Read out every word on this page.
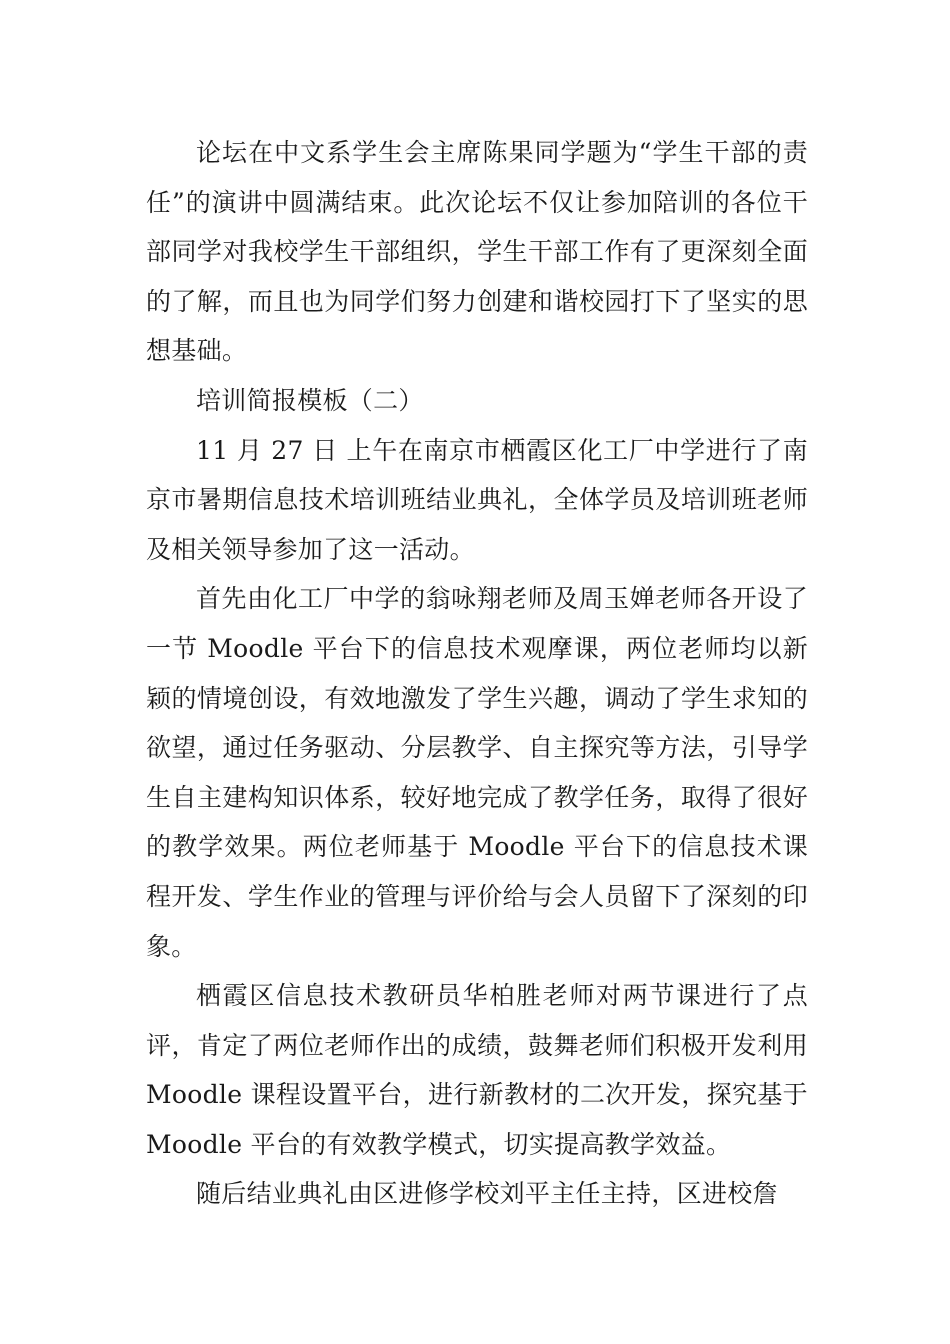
论坛在中文系学生会主席陈果同学题为“学生干部的责任”的演讲中圆满结束。此次论坛不仅让参加陪训的各位干部同学对我校学生干部组织，学生干部工作有了更深刻全面的了解，而且也为同学们努力创建和谐校园打下了坚实的思想基础。

培训简报模板（二）

11 月 27 日 上午在南京市栖霞区化工厂中学进行了南京市暑期信息技术培训班结业典礼，全体学员及培训班老师及相关领导参加了这一活动。

首先由化工厂中学的翁咏翔老师及周玉婵老师各开设了一节 Moodle 平台下的信息技术观摩课，两位老师均以新颖的情境创设，有效地激发了学生兴趣，调动了学生求知的欲望，通过任务驱动、分层教学、自主探究等方法，引导学生自主建构知识体系，较好地完成了教学任务，取得了很好的教学效果。两位老师基于 Moodle 平台下的信息技术课程开发、学生作业的管理与评价给与会人员留下了深刻的印象。

栖霞区信息技术教研员华柏胜老师对两节课进行了点评，肯定了两位老师作出的成绩，鼓舞老师们积极开发利用 Moodle 课程设置平台，进行新教材的二次开发，探究基于 Moodle 平台的有效教学模式，切实提高教学效益。

随后结业典礼由区进修学校刘平主任主持，区进校詹
